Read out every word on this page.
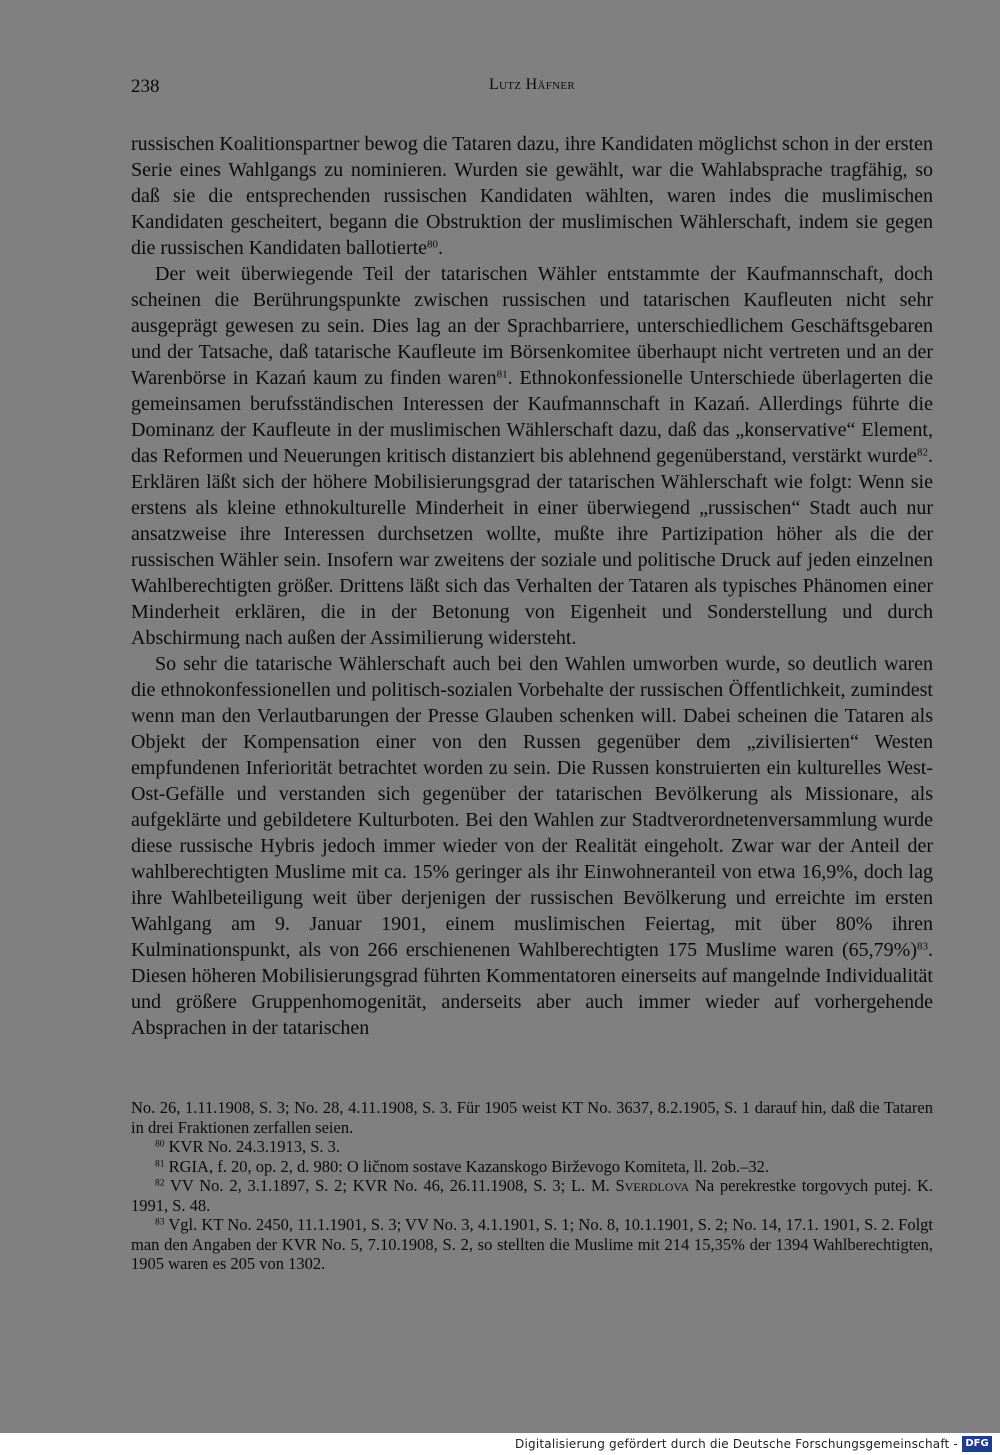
238	Lutz Häfner

russischen Koalitionspartner bewog die Tataren dazu, ihre Kandidaten möglichst schon in der ersten Serie eines Wahlgangs zu nominieren. Wurden sie gewählt, war die Wahlabsprache tragfähig, so daß sie die entsprechenden russischen Kandidaten wählten, waren indes die muslimischen Kandidaten gescheitert, begann die Obstruktion der muslimischen Wählerschaft, indem sie gegen die russischen Kandidaten ballotierte$^{80}$.

Der weit überwiegende Teil der tatarischen Wähler entstammte der Kaufmannschaft, doch scheinen die Berührungspunkte zwischen russischen und tatarischen Kaufleuten nicht sehr ausgeprägt gewesen zu sein. Dies lag an der Sprachbarriere, unterschiedlichem Geschäftsgebaren und der Tatsache, daß tatarische Kaufleute im Börsenkomitee überhaupt nicht vertreten und an der Warenbörse in Kazań kaum zu finden waren$^{81}$. Ethnokonfessionelle Unterschiede überlagerten die gemeinsamen berufsständischen Interessen der Kaufmannschaft in Kazań. Allerdings führte die Dominanz der Kaufleute in der muslimischen Wählerschaft dazu, daß das „konservative“ Element, das Reformen und Neuerungen kritisch distanziert bis ablehnend gegenüberstand, verstärkt wurde$^{82}$. Erklären läßt sich der höhere Mobilisierungsgrad der tatarischen Wählerschaft wie folgt: Wenn sie erstens als kleine ethnokulturelle Minderheit in einer überwiegend „russischen“ Stadt auch nur ansatzweise ihre Interessen durchsetzen wollte, mußte ihre Partizipation höher als die der russischen Wähler sein. Insofern war zweitens der soziale und politische Druck auf jeden einzelnen Wahlberechtigten größer. Drittens läßt sich das Verhalten der Tataren als typisches Phänomen einer Minderheit erklären, die in der Betonung von Eigenheit und Sonderstellung und durch Abschirmung nach außen der Assimilierung widersteht.

So sehr die tatarische Wählerschaft auch bei den Wahlen umworben wurde, so deutlich waren die ethnokonfessionellen und politisch-sozialen Vorbehalte der russischen Öffentlichkeit, zumindest wenn man den Verlautbarungen der Presse Glauben schenken will. Dabei scheinen die Tataren als Objekt der Kompensation einer von den Russen gegenüber dem „zivilisierten“ Westen empfundenen Inferiorität betrachtet worden zu sein. Die Russen konstruierten ein kulturelles West-Ost-Gefälle und verstanden sich gegenüber der tatarischen Bevölkerung als Missionare, als aufgeklärte und gebildetere Kulturboten. Bei den Wahlen zur Stadtverordnetenversammlung wurde diese russische Hybris jedoch immer wieder von der Realität eingeholt. Zwar war der Anteil der wahlberechtigten Muslime mit ca. 15% geringer als ihr Einwohneranteil von etwa 16,9%, doch lag ihre Wahlbeteiligung weit über derjenigen der russischen Bevölkerung und erreichte im ersten Wahlgang am 9. Januar 1901, einem muslimischen Feiertag, mit über 80% ihren Kulminationspunkt, als von 266 erschienenen Wahlberechtigten 175 Muslime waren $(65,79\%)^{83}$. Diesen höheren Mobilisierungsgrad führten Kommentatoren einerseits auf mangelnde Individualität und größere Gruppenhomogenität, anderseits aber auch immer wieder auf vorhergehende Absprachen in der tatarischen

No. 26, 1.11.1908, S. 3; No. 28, 4.11.1908, S. 3. Für 1905 weist KT No. 3637, 8.2.1905, S. 1 darauf hin, daß die Tataren in drei Fraktionen zerfallen seien.

$^{80}$ KVR No. 24.3.1913, S. 3.

$^{81}$ RGIA, f. 20, op. 2, d. 980: O ličnom sostave Kazanskogo Birževogo Komiteta, ll. 2ob.–32.

$^{82}$ VV No. 2, 3.1.1897, S. 2; KVR No. 46, 26.11.1908, S. 3; L. M. Sverdlova Na perekrestke torgovych putej. K. 1991, S. 48.

$^{83}$ Vgl. KT No. 2450, 11.1.1901, S. 3; VV No. 3, 4.1.1901, S. 1; No. 8, 10.1.1901, S. 2; No. 14, 17.1. 1901, S. 2. Folgt man den Angaben der KVR No. 5, 7.10.1908, S. 2, so stellten die Muslime mit 214 15,35% der 1394 Wahlberechtigten, 1905 waren es 205 von 1302.

Digitalisierung gefördert durch die Deutsche Forschungsgemeinschaft - DFG
